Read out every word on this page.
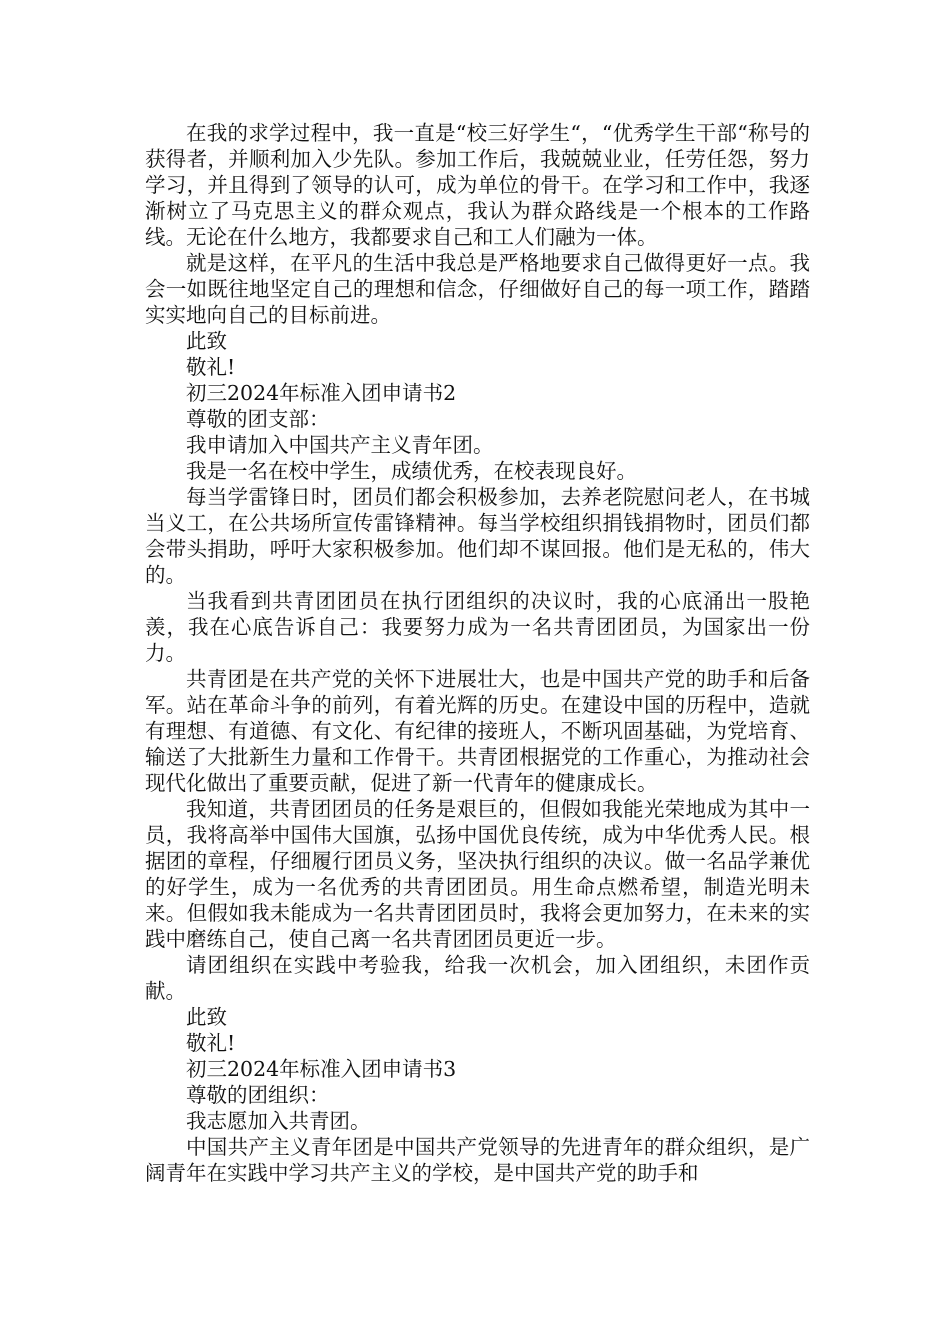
在我的求学过程中，我一直是“校三好学生“，“优秀学生干部“称号的获得者，并顺利加入少先队。参加工作后，我兢兢业业，任劳任怨，努力学习，并且得到了领导的认可，成为单位的骨干。在学习和工作中，我逐渐树立了马克思主义的群众观点，我认为群众路线是一个根本的工作路线。无论在什么地方，我都要求自己和工人们融为一体。

就是这样，在平凡的生活中我总是严格地要求自己做得更好一点。我会一如既往地坚定自己的理想和信念，仔细做好自己的每一项工作，踏踏实实地向自己的目标前进。

此致

敬礼!

初三2024年标准入团申请书2

尊敬的团支部：

我申请加入中国共产主义青年团。

我是一名在校中学生，成绩优秀，在校表现良好。

每当学雷锋日时，团员们都会积极参加，去养老院慰问老人，在书城当义工，在公共场所宣传雷锋精神。每当学校组织捐钱捐物时，团员们都会带头捐助，呼吁大家积极参加。他们却不谋回报。他们是无私的，伟大的。

当我看到共青团团员在执行团组织的决议时，我的心底涌出一股艳羡，我在心底告诉自己：我要努力成为一名共青团团员，为国家出一份力。

共青团是在共产党的关怀下进展壮大，也是中国共产党的助手和后备军。站在革命斗争的前列，有着光辉的历史。在建设中国的历程中，造就有理想、有道德、有文化、有纪律的接班人，不断巩固基础，为党培育、输送了大批新生力量和工作骨干。共青团根据党的工作重心，为推动社会现代化做出了重要贡献，促进了新一代青年的健康成长。

我知道，共青团团员的任务是艰巨的，但假如我能光荣地成为其中一员，我将高举中国伟大国旗，弘扬中国优良传统，成为中华优秀人民。根据团的章程，仔细履行团员义务，坚决执行组织的决议。做一名品学兼优的好学生，成为一名优秀的共青团团员。用生命点燃希望，制造光明未来。但假如我未能成为一名共青团团员时，我将会更加努力，在未来的实践中磨练自己，使自己离一名共青团团员更近一步。

请团组织在实践中考验我，给我一次机会，加入团组织，未团作贡献。

此致

敬礼!

初三2024年标准入团申请书3

尊敬的团组织：

我志愿加入共青团。

中国共产主义青年团是中国共产党领导的先进青年的群众组织，是广阔青年在实践中学习共产主义的学校，是中国共产党的助手和
